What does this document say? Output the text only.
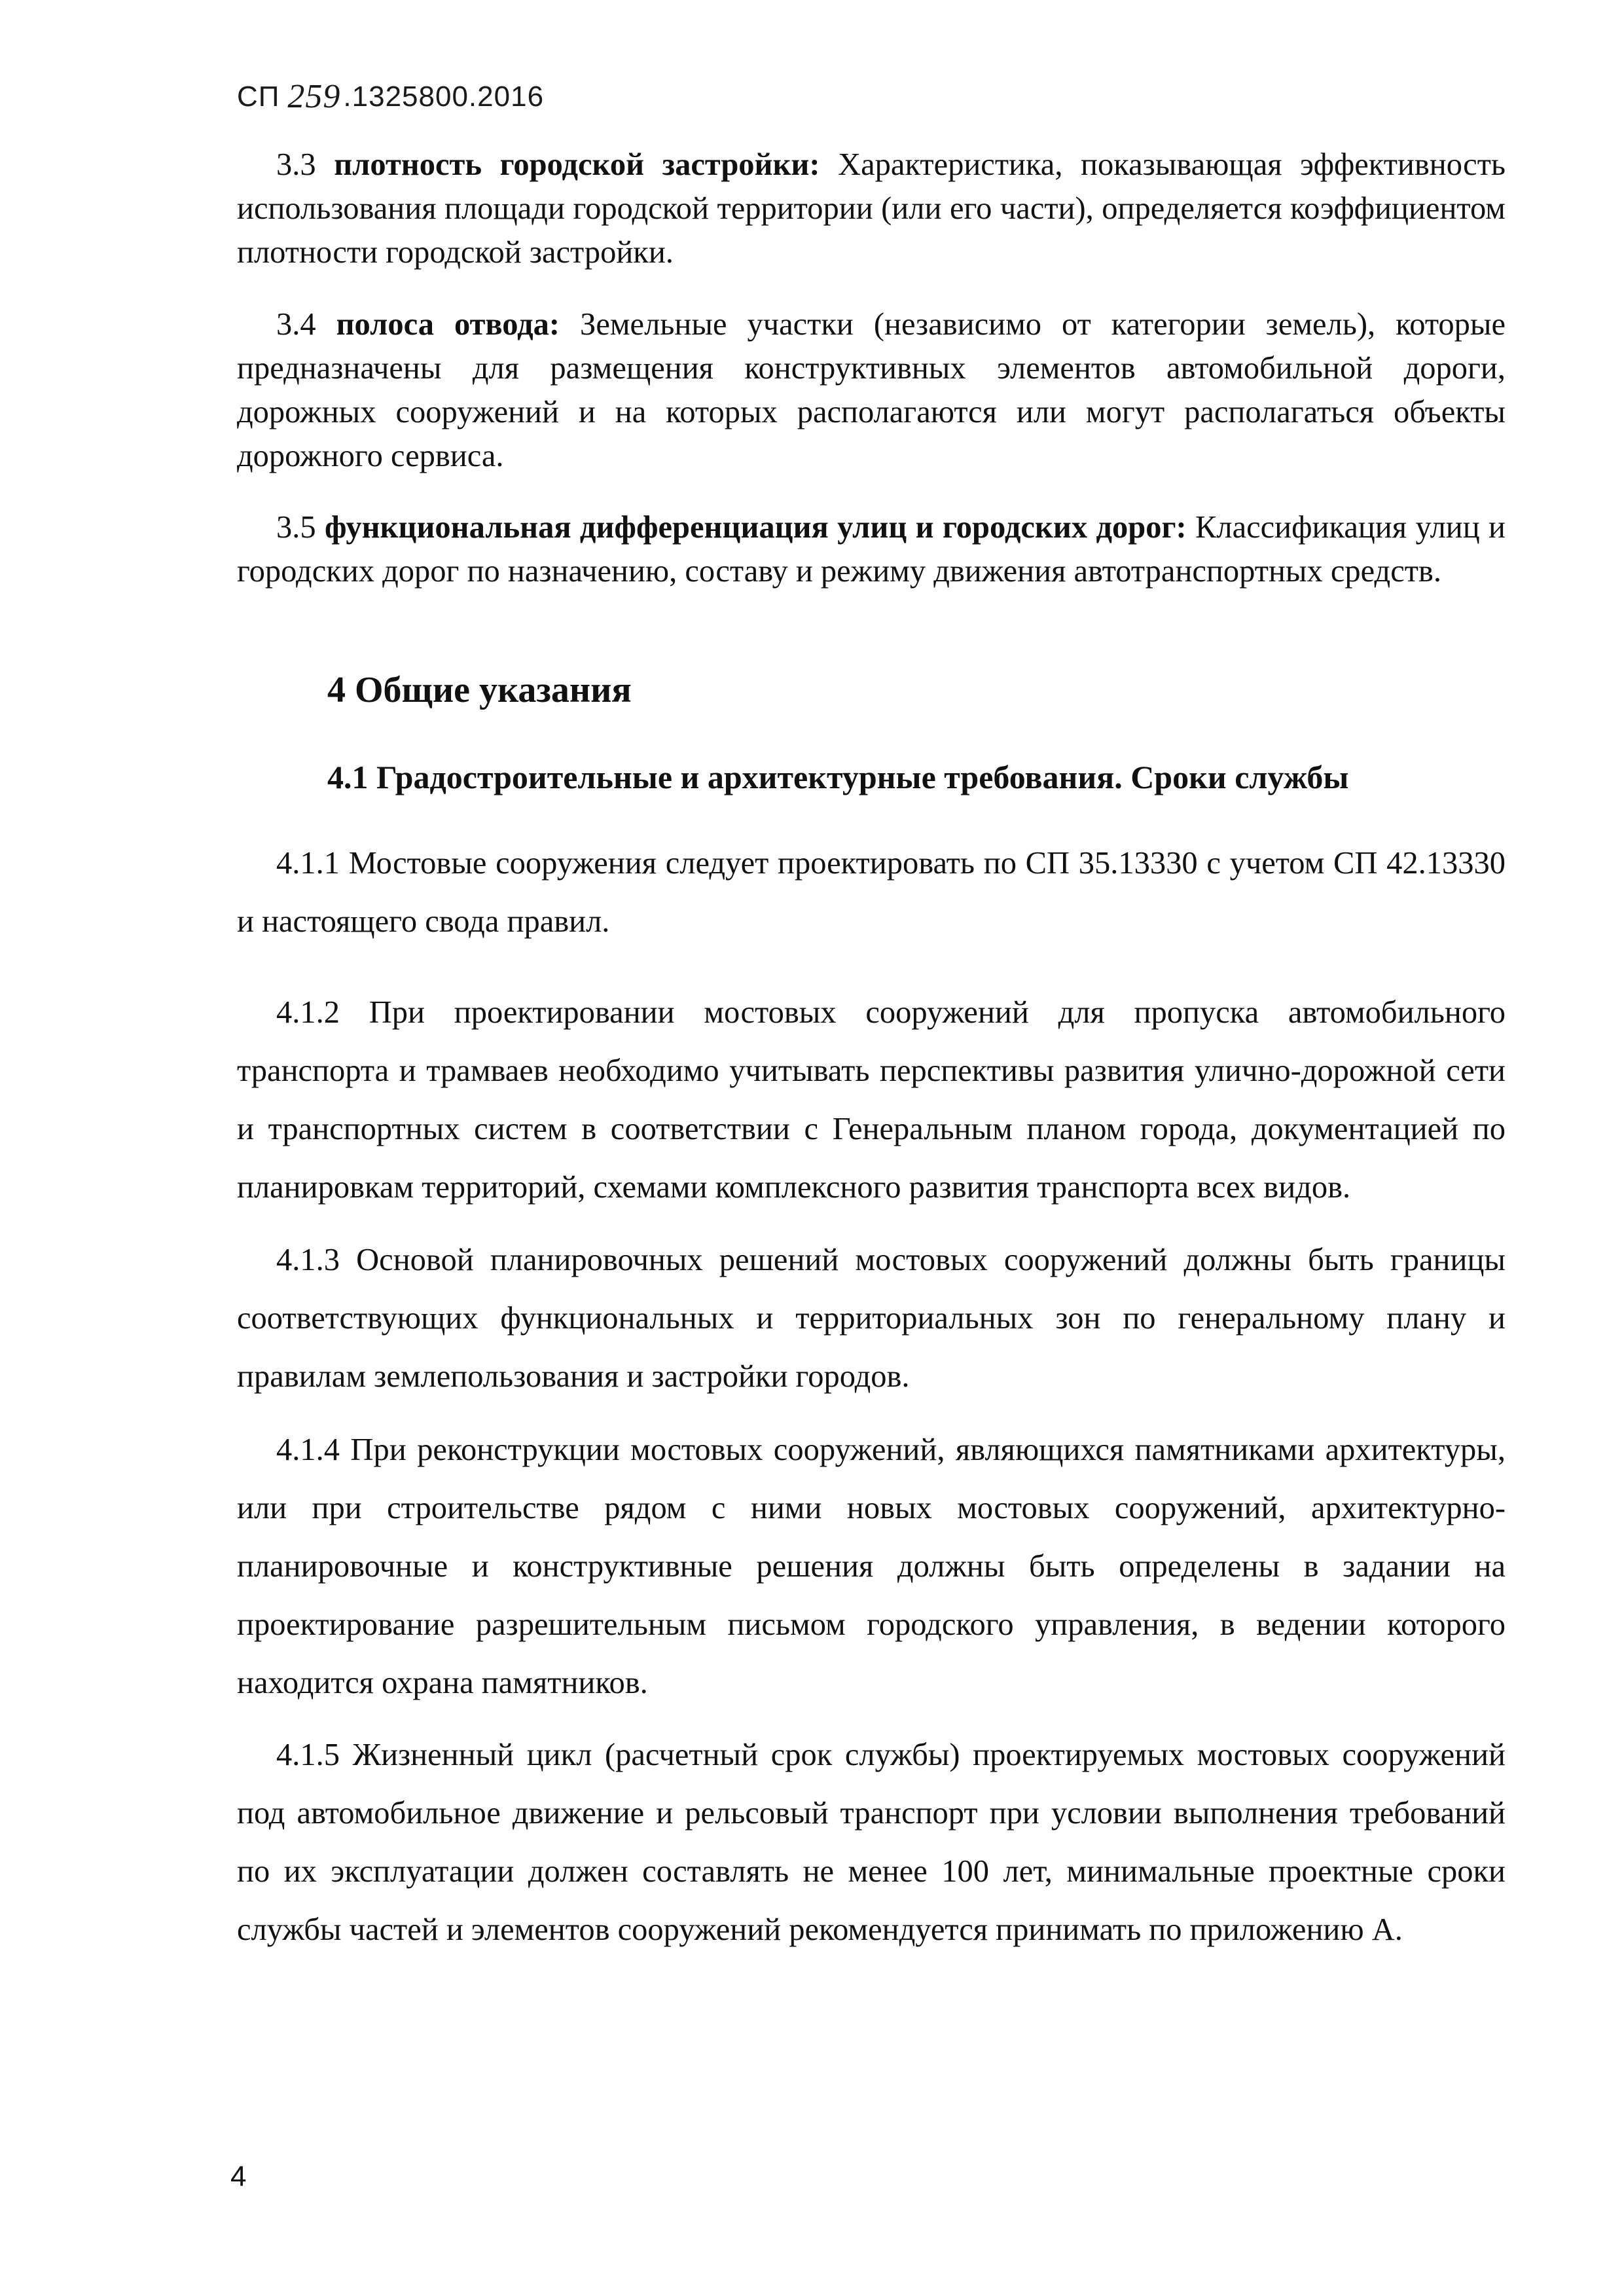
СП 259 .1325800.2016

3.3 плотность городской застройки: Характеристика, показывающая эффективность использования площади городской территории (или его части), определяется коэффициентом плотности городской застройки.

3.4 полоса отвода: Земельные участки (независимо от категории земель), которые предназначены для размещения конструктивных элементов автомобильной дороги, дорожных сооружений и на которых располагаются или могут располагаться объекты дорожного сервиса.

3.5 функциональная дифференциация улиц и городских дорог: Классификация улиц и городских дорог по назначению, составу и режиму движения автотранспортных средств.

4 Общие указания
4.1 Градостроительные и архитектурные требования. Сроки службы

4.1.1 Мостовые сооружения следует проектировать по СП 35.13330 с учетом СП 42.13330 и настоящего свода правил.

4.1.2 При проектировании мостовых сооружений для пропуска автомобильного транспорта и трамваев необходимо учитывать перспективы развития улично-дорожной сети и транспортных систем в соответствии с Генеральным планом города, документацией по планировкам территорий, схемами комплексного развития транспорта всех видов.

4.1.3 Основой планировочных решений мостовых сооружений должны быть границы соответствующих функциональных и территориальных зон по генеральному плану и правилам землепользования и застройки городов.

4.1.4 При реконструкции мостовых сооружений, являющихся памятниками архитектуры, или при строительстве рядом с ними новых мостовых сооружений, архитектурно-планировочные и конструктивные решения должны быть определены в задании на проектирование разрешительным письмом городского управления, в ведении которого находится охрана памятников.

4.1.5 Жизненный цикл (расчетный срок службы) проектируемых мостовых сооружений под автомобильное движение и рельсовый транспорт при условии выполнения требований по их эксплуатации должен составлять не менее 100 лет, минимальные проектные сроки службы частей и элементов сооружений рекомендуется принимать по приложению А.

4
